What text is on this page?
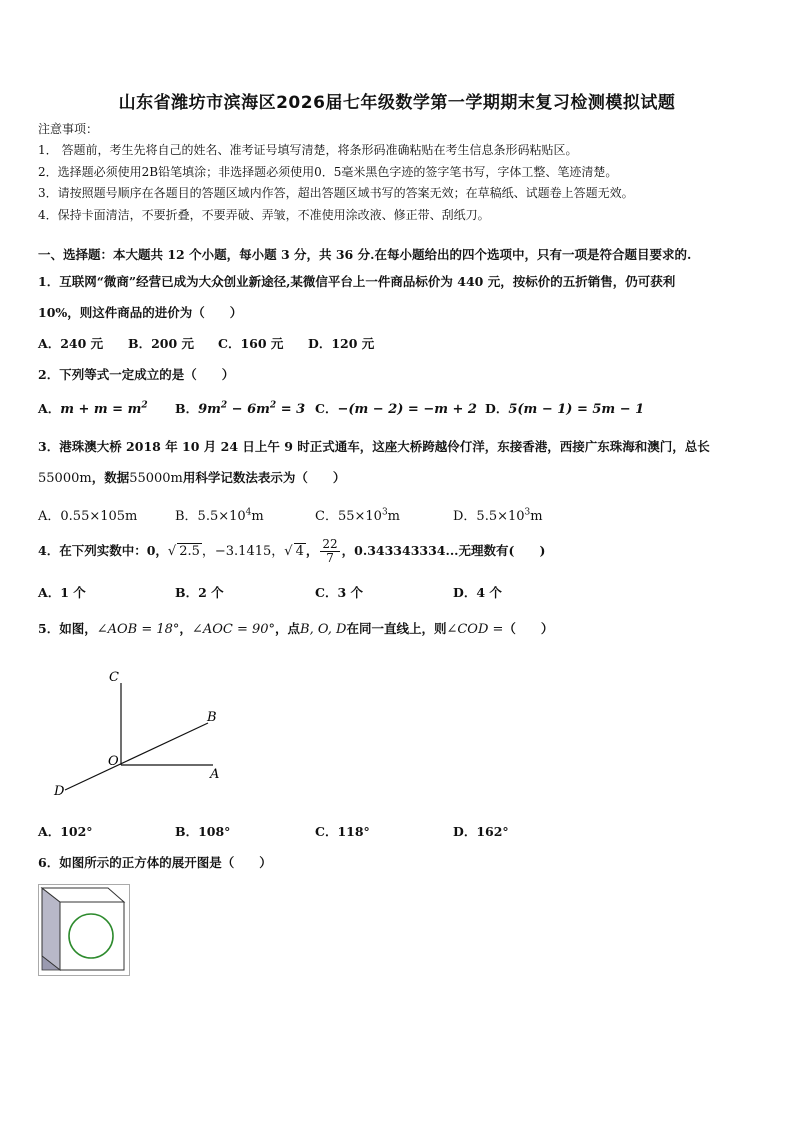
山东省潍坊市滨海区2026届七年级数学第一学期期末复习检测模拟试题
注意事项：
1． 答题前，考生先将自己的姓名、准考证号填写清楚，将条形码准确粘贴在考生信息条形码粘贴区。
2．选择题必须使用2B铅笔填涂；非选择题必须使用0．5毫米黑色字迹的签字笔书写，字体工整、笔迹清楚。
3．请按照题号顺序在各题目的答题区域内作答，超出答题区域书写的答案无效；在草稿纸、试题卷上答题无效。
4．保持卡面清洁，不要折叠，不要弄破、弄皱，不准使用涂改液、修正带、刮纸刀。
一、选择题：本大题共 12 个小题，每小题 3 分，共 36 分.在每小题给出的四个选项中，只有一项是符合题目要求的.
1．互联网“微商”经营已成为大众创业新途径,某微信平台上一件商品标价为 440 元，按标价的五折销售，仍可获利
10%，则这件商品的进价为（　　）
A．240 元 B．200 元 C．160 元 D．120 元
2．下列等式一定成立的是（　　）
A．$m + m = m^2$ B．$9m^2 - 6m^2 = 3$ C．−(m − 2) = −m + 2 D．5(m − 1) = 5m − 1
3．港珠澳大桥 2018 年 10 月 24 日上午 9 时正式通车，这座大桥跨越伶仃洋，东接香港，西接广东珠海和澳门，总长
55000m，数据55000m用科学记数法表示为（　　）
A．0.55×105m	B．$5.5\times 10^4m$	C．$55\times 10^3m$	D．$5.5\times 10^3m$
4．在下列实数中：0，√ 2.5 ，−3.1415，√ 4 ， $\frac{22}{7}$ ，0.343343334...无理数有(　　)
A．1 个	B．2 个	C．3 个	D．4 个
5．如图，∠AOB = 18°，∠AOC = 90°，点B, O, D在同一直线上，则∠COD =（　　）
C
B
O
A
D
A．102°	B．108°	C．118°	D．162°
6．如图所示的正方体的展开图是（　　）
